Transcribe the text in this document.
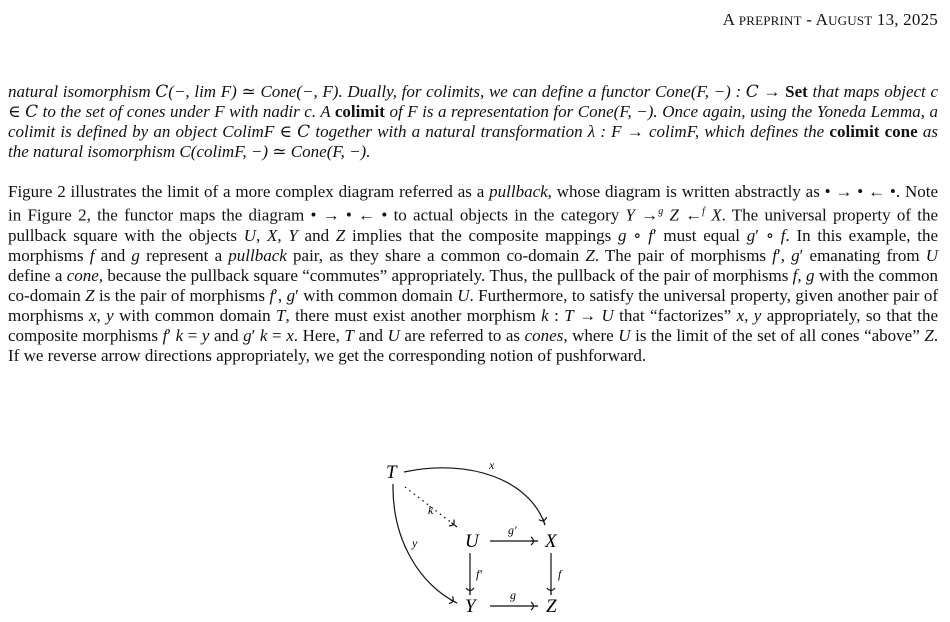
A PREPRINT - AUGUST 13, 2025
natural isomorphism 𝐶(−, lim F) ≃ Cone(−, F). Dually, for colimits, we can define a functor Cone(F, −) : 𝐶 → Set that maps object c ∈ 𝐶 to the set of cones under F with nadir c. A colimit of F is a representation for Cone(F, −). Once again, using the Yoneda Lemma, a colimit is defined by an object ColimF ∈ 𝐶 together with a natural transformation λ : F → colimF, which defines the colimit cone as the natural isomorphism C(colimF, −) ≃ Cone(F, −).
Figure 2 illustrates the limit of a more complex diagram referred as a pullback, whose diagram is written abstractly as • → • ← •. Note in Figure 2, the functor maps the diagram • → • ← • to actual objects in the category Y →$^g$ Z ←$^f$ X. The universal property of the pullback square with the objects U, X, Y and Z implies that the composite mappings g ∘ f′ must equal g′ ∘ f. In this example, the morphisms f and g represent a pullback pair, as they share a common co-domain Z. The pair of morphisms f′, g′ emanating from U define a cone, because the pullback square “commutes” appropriately. Thus, the pullback of the pair of morphisms f, g with the common co-domain Z is the pair of morphisms f′, g′ with common domain U. Furthermore, to satisfy the universal property, given another pair of morphisms x, y with common domain T, there must exist another morphism k : T → U that “factorizes” x, y appropriately, so that the composite morphisms f′ k = y and g′ k = x. Here, T and U are referred to as cones, where U is the limit of the set of all cones “above” Z. If we reverse arrow directions appropriately, we get the corresponding notion of pushforward.
T
U	X
Y	Z
x
y
k
g′
f′	f
g
